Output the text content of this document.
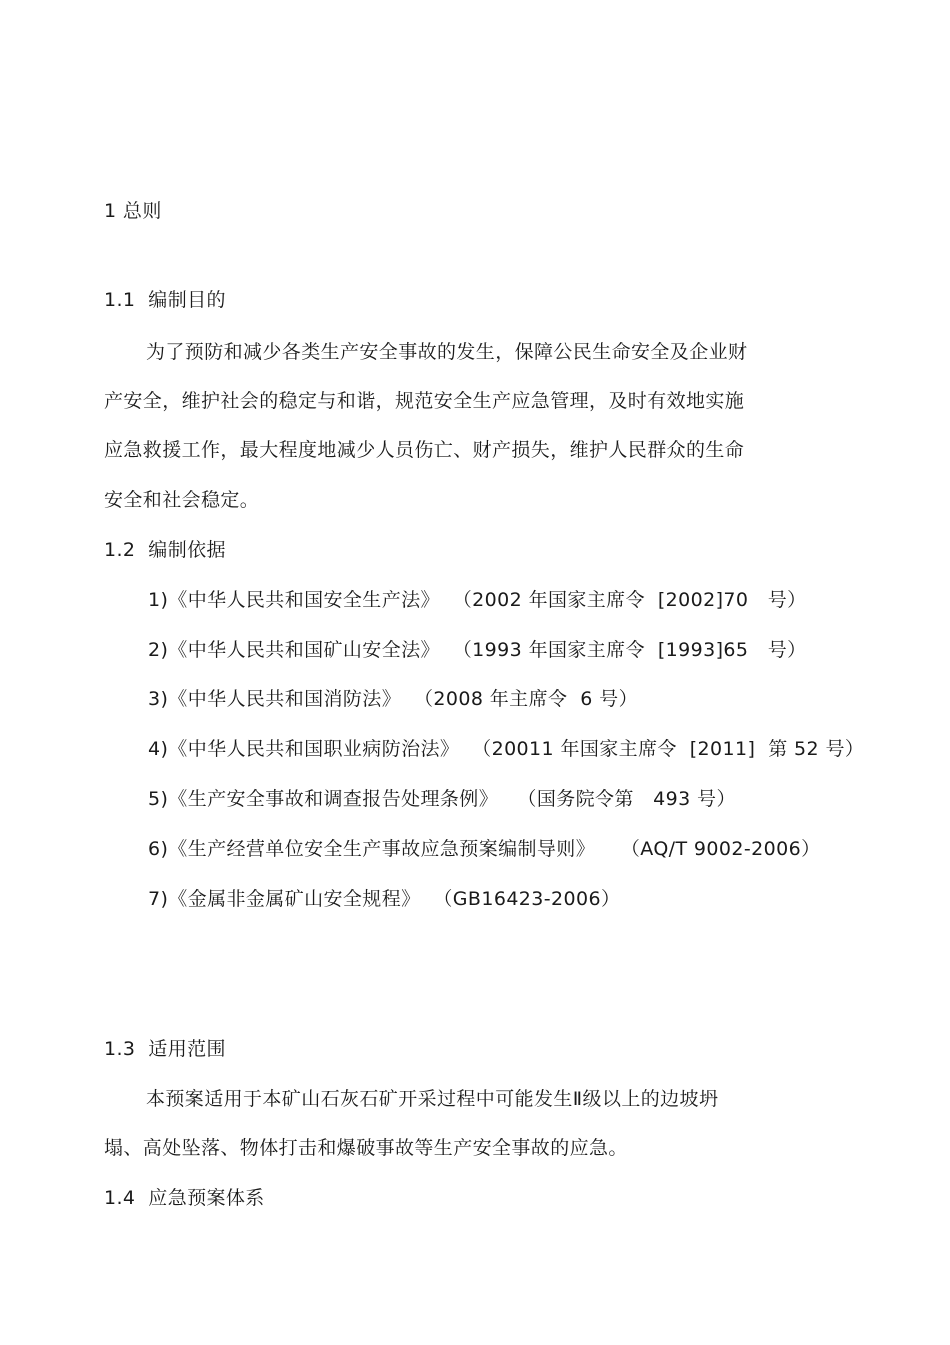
1 总则
1.1  编制目的
为了预防和减少各类生产安全事故的发生，保障公民生命安全及企业财
产安全，维护社会的稳定与和谐，规范安全生产应急管理，及时有效地实施
应急救援工作，最大程度地减少人员伤亡、财产损失，维护人民群众的生命
安全和社会稳定。
1.2  编制依据
1)《中华人民共和国安全生产法》  （2002 年国家主席令  [2002]70   号）
2)《中华人民共和国矿山安全法》  （1993 年国家主席令  [1993]65   号）
3)《中华人民共和国消防法》  （2008 年主席令  6 号）
4)《中华人民共和国职业病防治法》  （20011 年国家主席令  [2011]  第 52 号）
5)《生产安全事故和调查报告处理条例》   （国务院令第   493 号）
6)《生产经营单位安全生产事故应急预案编制导则》    （AQ/T 9002-2006）
7)《金属非金属矿山安全规程》  （GB16423-2006）
1.3  适用范围
本预案适用于本矿山石灰石矿开采过程中可能发生Ⅱ级以上的边坡坍
塌、高处坠落、物体打击和爆破事故等生产安全事故的应急。
1.4  应急预案体系
